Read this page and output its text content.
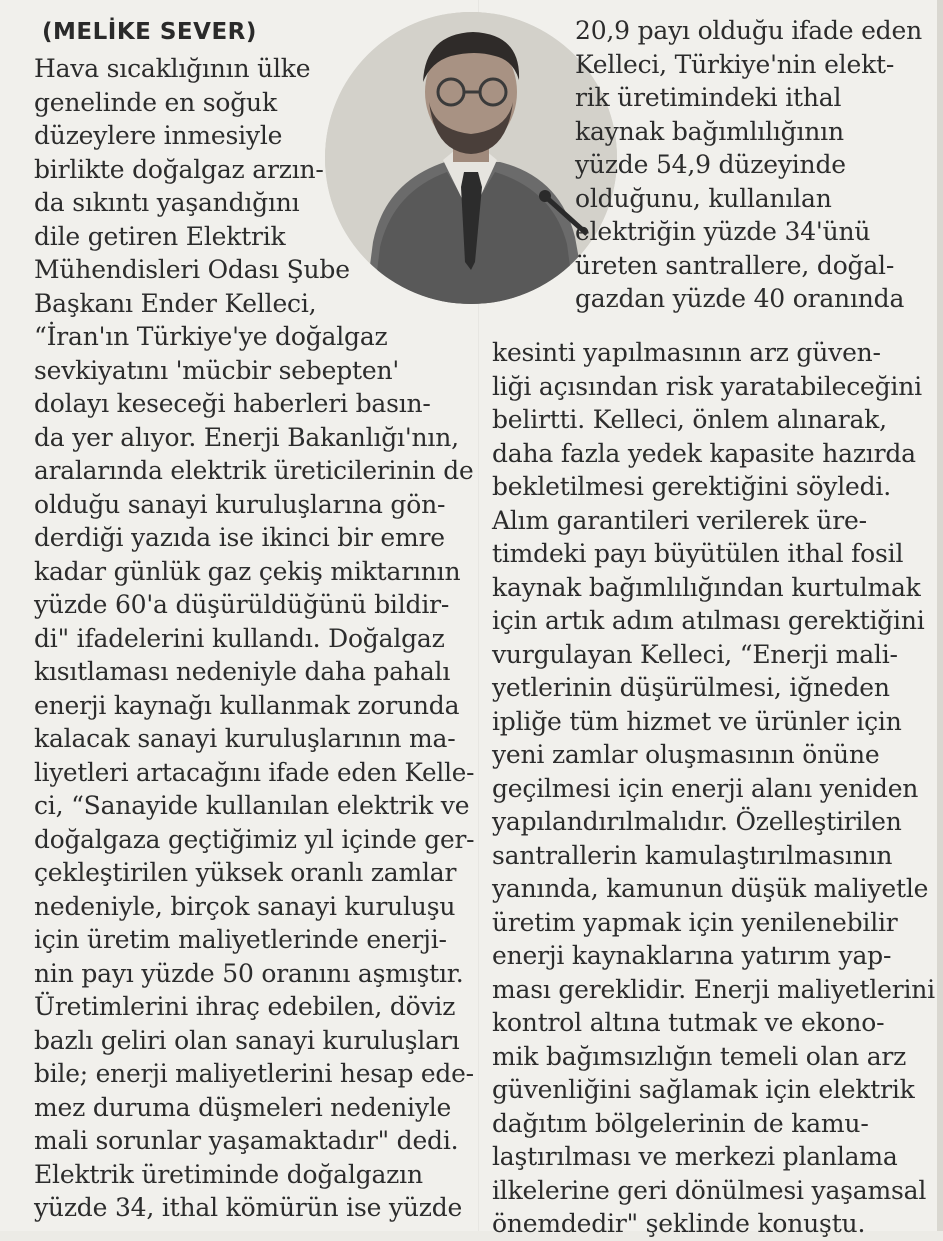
(MELİKE SEVER)

Hava sıcaklığının ülke
genelinde en soğuk
düzeylere inmesiyle
birlikte doğalgaz arzın-
da sıkıntı yaşandığını
dile getiren Elektrik
Mühendisleri Odası Şube
Başkanı Ender Kelleci,
“İran'ın Türkiye'ye doğalgaz
sevkiyatını 'mücbir sebepten'
dolayı keseceği haberleri basın-
da yer alıyor. Enerji Bakanlığı'nın,
aralarında elektrik üreticilerinin de
olduğu sanayi kuruluşlarına gön-
derdiği yazıda ise ikinci bir emre
kadar günlük gaz çekiş miktarının
yüzde 60'a düşürüldüğünü bildir-
di" ifadelerini kullandı. Doğalgaz
kısıtlaması nedeniyle daha pahalı
enerji kaynağı kullanmak zorunda
kalacak sanayi kuruluşlarının ma-
liyetleri artacağını ifade eden Kelle-
ci, “Sanayide kullanılan elektrik ve
doğalgaza geçtiğimiz yıl içinde ger-
çekleştirilen yüksek oranlı zamlar
nedeniyle, birçok sanayi kuruluşu
için üretim maliyetlerinde enerji-
nin payı yüzde 50 oranını aşmıştır.
Üretimlerini ihraç edebilen, döviz
bazlı geliri olan sanayi kuruluşları
bile; enerji maliyetlerini hesap ede-
mez duruma düşmeleri nedeniyle
mali sorunlar yaşamaktadır" dedi.
Elektrik üretiminde doğalgazın
yüzde 34, ithal kömürün ise yüzde
20,9 payı olduğu ifade eden
Kelleci, Türkiye'nin elekt-
rik üretimindeki ithal
kaynak bağımlılığının
yüzde 54,9 düzeyinde
olduğunu, kullanılan
elektriğin yüzde 34'ünü
üreten santrallere, doğal-
gazdan yüzde 40 oranında
kesinti yapılmasının arz güven-
liği açısından risk yaratabileceğini
belirtti. Kelleci, önlem alınarak,
daha fazla yedek kapasite hazırda
bekletilmesi gerektiğini söyledi.
Alım garantileri verilerek üre-
timdeki payı büyütülen ithal fosil
kaynak bağımlılığından kurtulmak
için artık adım atılması gerektiğini
vurgulayan Kelleci, “Enerji mali-
yetlerinin düşürülmesi, iğneden
ipliğe tüm hizmet ve ürünler için
yeni zamlar oluşmasının önüne
geçilmesi için enerji alanı yeniden
yapılandırılmalıdır. Özelleştirilen
santrallerin kamulaştırılmasının
yanında, kamunun düşük maliyetle
üretim yapmak için yenilenebilir
enerji kaynaklarına yatırım yap-
ması gereklidir. Enerji maliyetlerini
kontrol altına tutmak ve ekono-
mik bağımsızlığın temeli olan arz
güvenliğini sağlamak için elektrik
dağıtım bölgelerinin de kamu-
laştırılması ve merkezi planlama
ilkelerine geri dönülmesi yaşamsal
önemdedir" şeklinde konuştu.
